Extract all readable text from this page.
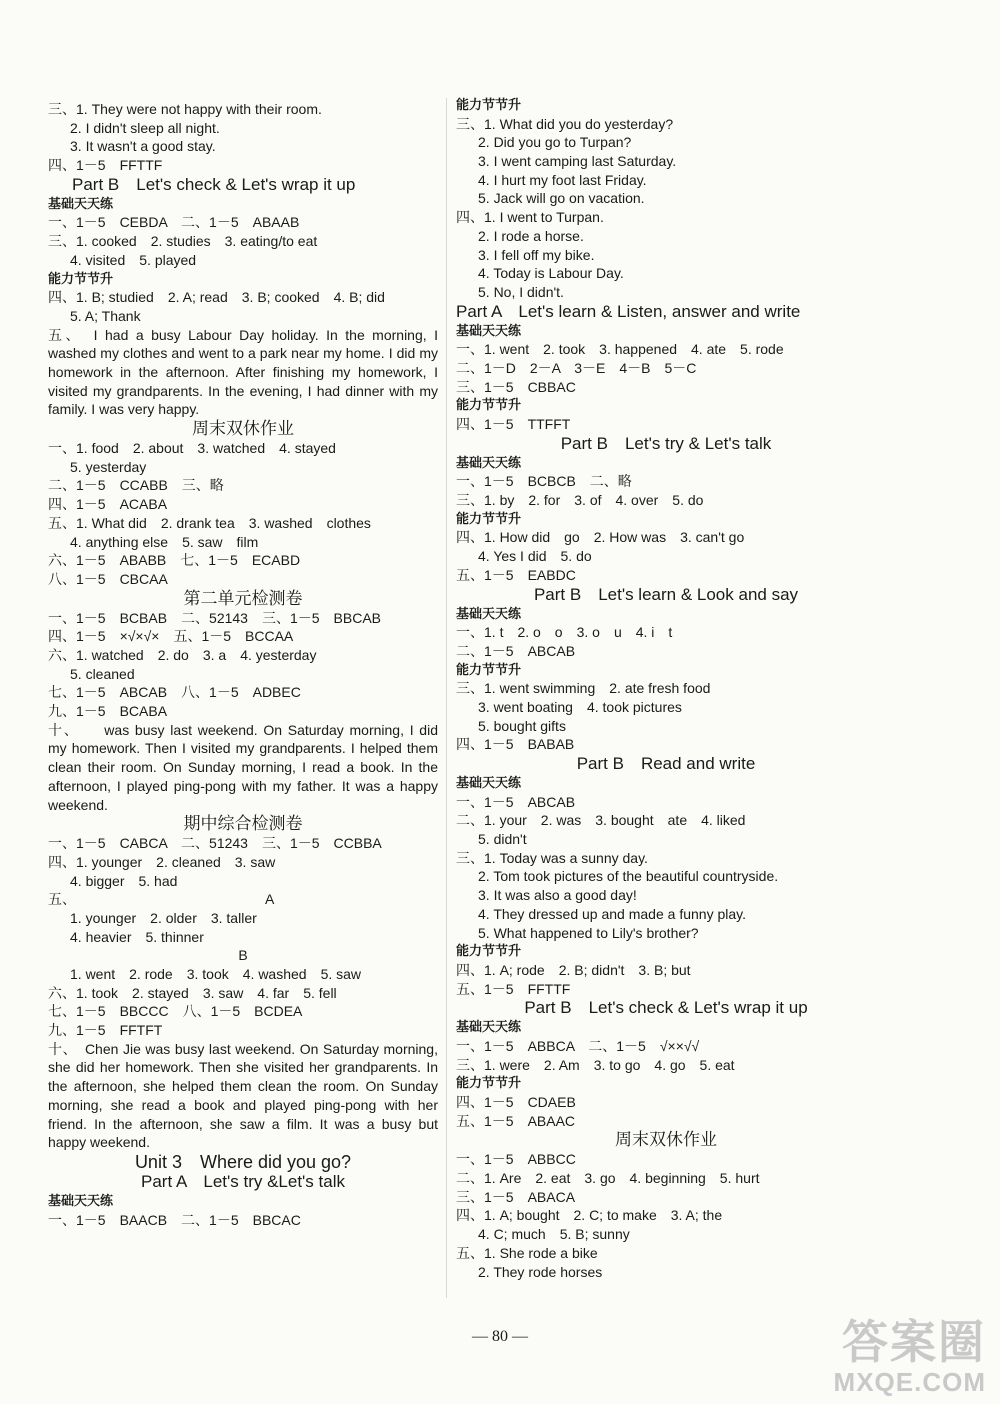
三、1. They were not happy with their room.
2. I didn't sleep all night.
3. It wasn't a good stay.
四、1－5　FFTTF
Part B　Let's check & Let's wrap it up
基础天天练
一、1－5　CEBDA　二、1－5　ABAAB
三、1. cooked　2. studies　3. eating/to eat
4. visited　5. played
能力节节升
四、1. B; studied　2. A; read　3. B; cooked　4. B; did
5. A; Thank
五、　I had a busy Labour Day holiday. In the morning, I washed my clothes and went to a park near my home. I did my homework in the afternoon. After finishing my homework, I visited my grandparents. In the evening, I had dinner with my family. I was very happy.
周末双休作业
一、1. food　2. about　3. watched　4. stayed
5. yesterday
二、1－5　CCABB　三、略
四、1－5　ACABA
五、1. What did　2. drank tea　3. washed　clothes
4. anything else　5. saw　film
六、1－5　ABABB　七、1－5　ECABD
八、1－5　CBCAA
第二单元检测卷
一、1－5　BCBAB　二、52143　三、1－5　BBCAB
四、1－5　×√×√×　五、1－5　BCCAA
六、1. watched　2. do　3. a　4. yesterday
5. cleaned
七、1－5　ABCAB　八、1－5　ADBEC
九、1－5　BCABA
十、　　was busy last weekend. On Saturday morning, I did my homework. Then I visited my grandparents. I helped them clean their room. On Sunday morning, I read a book. In the afternoon, I played ping-pong with my father. It was a happy weekend.
期中综合检测卷
一、1－5　CABCA　二、51243　三、1－5　CCBBA
四、1. younger　2. cleaned　3. saw
4. bigger　5. had
五、　　　　　　　　　　　　　　A
1. younger　2. older　3. taller
4. heavier　5. thinner
B
1. went　2. rode　3. took　4. washed　5. saw
六、1. took　2. stayed　3. saw　4. far　5. fell
七、1－5　BBCCC　八、1－5　BCDEA
九、1－5　FFTFT
十、　Chen Jie was busy last weekend. On Saturday morning, she did her homework. Then she visited her grandparents. In the afternoon, she helped them clean the room. On Sunday morning, she read a book and played ping-pong with her friend. In the afternoon, she saw a film. It was a busy but happy weekend.
Unit 3　Where did you go?
Part A　Let's try &Let's talk
基础天天练
一、1－5　BAACB　二、1－5　BBCAC
能力节节升
三、1. What did you do yesterday?
2. Did you go to Turpan?
3. I went camping last Saturday.
4. I hurt my foot last Friday.
5. Jack will go on vacation.
四、1. I went to Turpan.
2. I rode a horse.
3. I fell off my bike.
4. Today is Labour Day.
5. No, I didn't.
Part A　Let's learn & Listen, answer and write
基础天天练
一、1. went　2. took　3. happened　4. ate　5. rode
二、1－D　2－A　3－E　4－B　5－C
三、1－5　CBBAC
能力节节升
四、1－5　TTFFT
Part B　Let's try & Let's talk
基础天天练
一、1－5　BCBCB　二、略
三、1. by　2. for　3. of　4. over　5. do
能力节节升
四、1. How did　go　2. How was　3. can't go
4. Yes I did　5. do
五、1－5　EABDC
Part B　Let's learn & Look and say
基础天天练
一、1. t　2. o　o　3. o　u　4. i　t
二、1－5　ABCAB
能力节节升
三、1. went swimming　2. ate fresh food
3. went boating　4. took pictures
5. bought gifts
四、1－5　BABAB
Part B　Read and write
基础天天练
一、1－5　ABCAB
二、1. your　2. was　3. bought　ate　4. liked
5. didn't
三、1. Today was a sunny day.
2. Tom took pictures of the beautiful countryside.
3. It was also a good day!
4. They dressed up and made a funny play.
5. What happened to Lily's brother?
能力节节升
四、1. A; rode　2. B; didn't　3. B; but
五、1－5　FFTTF
Part B　Let's check & Let's wrap it up
基础天天练
一、1－5　ABBCA　二、1－5　√××√√
三、1. were　2. Am　3. to go　4. go　5. eat
能力节节升
四、1－5　CDAEB
五、1－5　ABAAC
周末双休作业
一、1－5　ABBCC
二、1. Are　2. eat　3. go　4. beginning　5. hurt
三、1－5　ABACA
四、1. A; bought　2. C; to make　3. A; the
4. C; much　5. B; sunny
五、1. She rode a bike
2. They rode horses
— 80 —	答案圈
MXQE.COM
